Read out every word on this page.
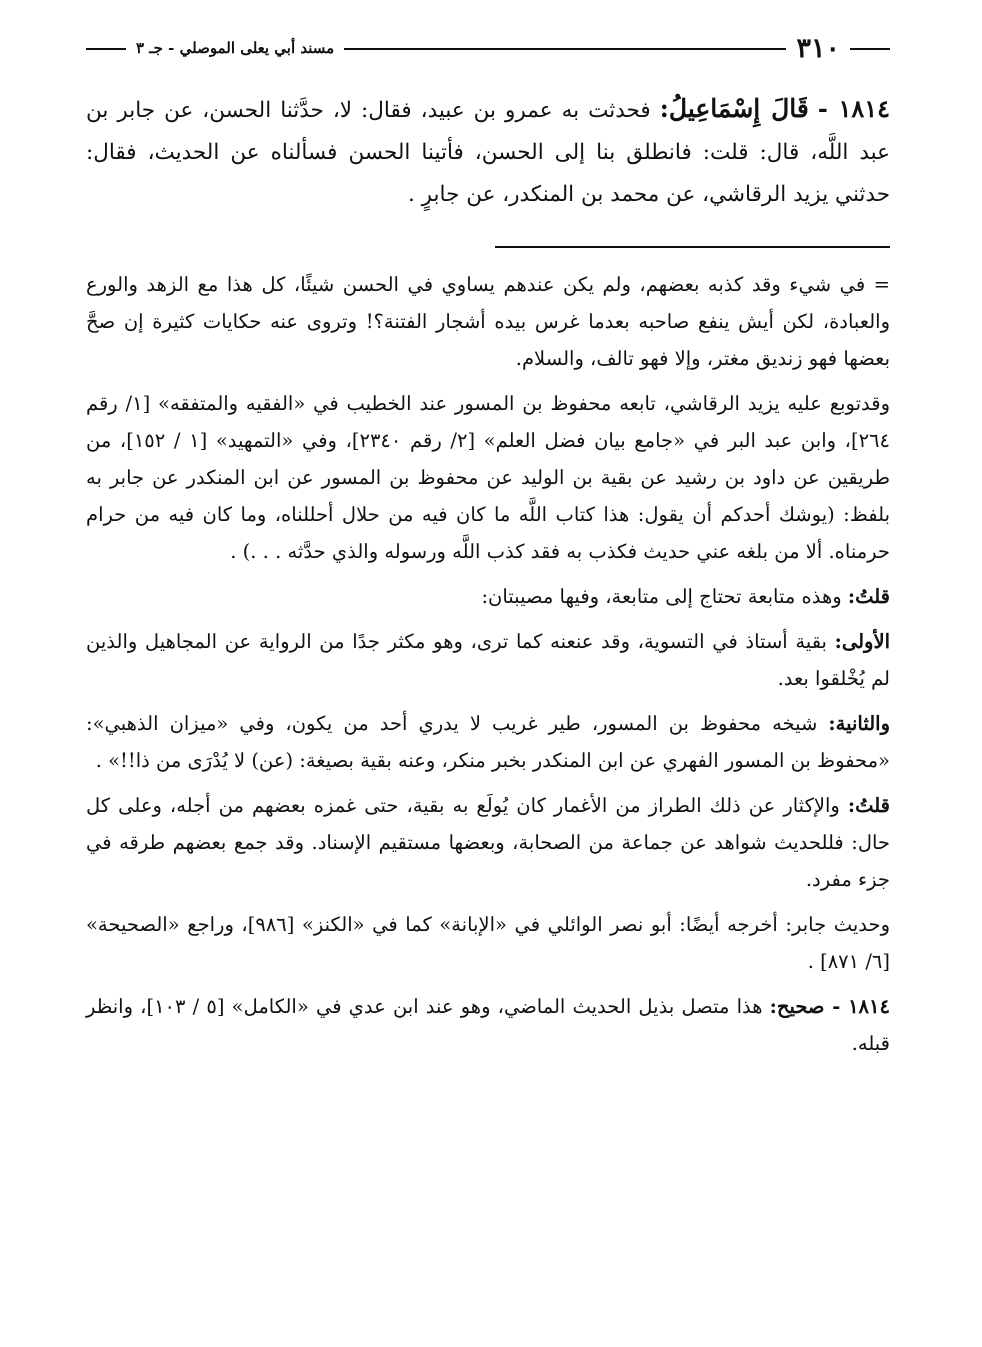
٣١٠
مسند أبي يعلى الموصلي - جـ ٣
١٨١٤ - قَالَ إِسْمَاعِيلُ: فحدثت به عمرو بن عبيد، فقال: لا، حدَّثنا الحسن، عن جابر بن عبد اللَّه، قال: قلت: فانطلق بنا إلى الحسن، فأتينا الحسن فسألناه عن الحديث، فقال: حدثني يزيد الرقاشي، عن محمد بن المنكدر، عن جابرٍ .

= في شيء وقد كذبه بعضهم، ولم يكن عندهم يساوي في الحسن شيئًا، كل هذا مع الزهد والورع والعبادة، لكن أيش ينفع صاحبه بعدما غرس بيده أشجار الفتنة؟! وتروى عنه حكايات كثيرة إن صحَّ بعضها فهو زنديق مغتر، وإلا فهو تالف، والسلام.

وقدتوبع عليه يزيد الرقاشي، تابعه محفوظ بن المسور عند الخطيب في «الفقيه والمتفقه» [١/ رقم ٢٦٤]، وابن عبد البر في «جامع بيان فضل العلم» [٢/ رقم ٢٣٤٠]، وفي «التمهيد» [١ / ١٥٢]، من طريقين عن داود بن رشيد عن بقية بن الوليد عن محفوظ بن المسور عن ابن المنكدر عن جابر به بلفظ: (يوشك أحدكم أن يقول: هذا كتاب اللَّه ما كان فيه من حلال أحللناه، وما كان فيه من حرام حرمناه. ألا من بلغه عني حديث فكذب به فقد كذب اللَّه ورسوله والذي حدَّثه . . .) .

قلتُ: وهذه متابعة تحتاج إلى متابعة، وفيها مصيبتان:

الأولى: بقية أستاذ في التسوية، وقد عنعنه كما ترى، وهو مكثر جدًا من الرواية عن المجاهيل والذين لم يُخْلقوا بعد.

والثانية: شيخه محفوظ بن المسور، طير غريب لا يدري أحد من يكون، وفي «ميزان الذهبي»: «محفوظ بن المسور الفهري عن ابن المنكدر بخبر منكر، وعنه بقية بصيغة: (عن) لا يُدْرَى من ذا!!» .

قلتُ: والإكثار عن ذلك الطراز من الأغمار كان يُولَع به بقية، حتى غمزه بعضهم من أجله، وعلى كل حال: فللحديث شواهد عن جماعة من الصحابة، وبعضها مستقيم الإسناد. وقد جمع بعضهم طرقه في جزء مفرد.

وحديث جابر: أخرجه أيضًا: أبو نصر الوائلي في «الإبانة» كما في «الكنز» [٩٨٦]، وراجع «الصحيحة» [٦/ ٨٧١] .

١٨١٤ - صحيح: هذا متصل بذيل الحديث الماضي، وهو عند ابن عدي في «الكامل» [٥ / ١٠٣]، وانظر قبله.
